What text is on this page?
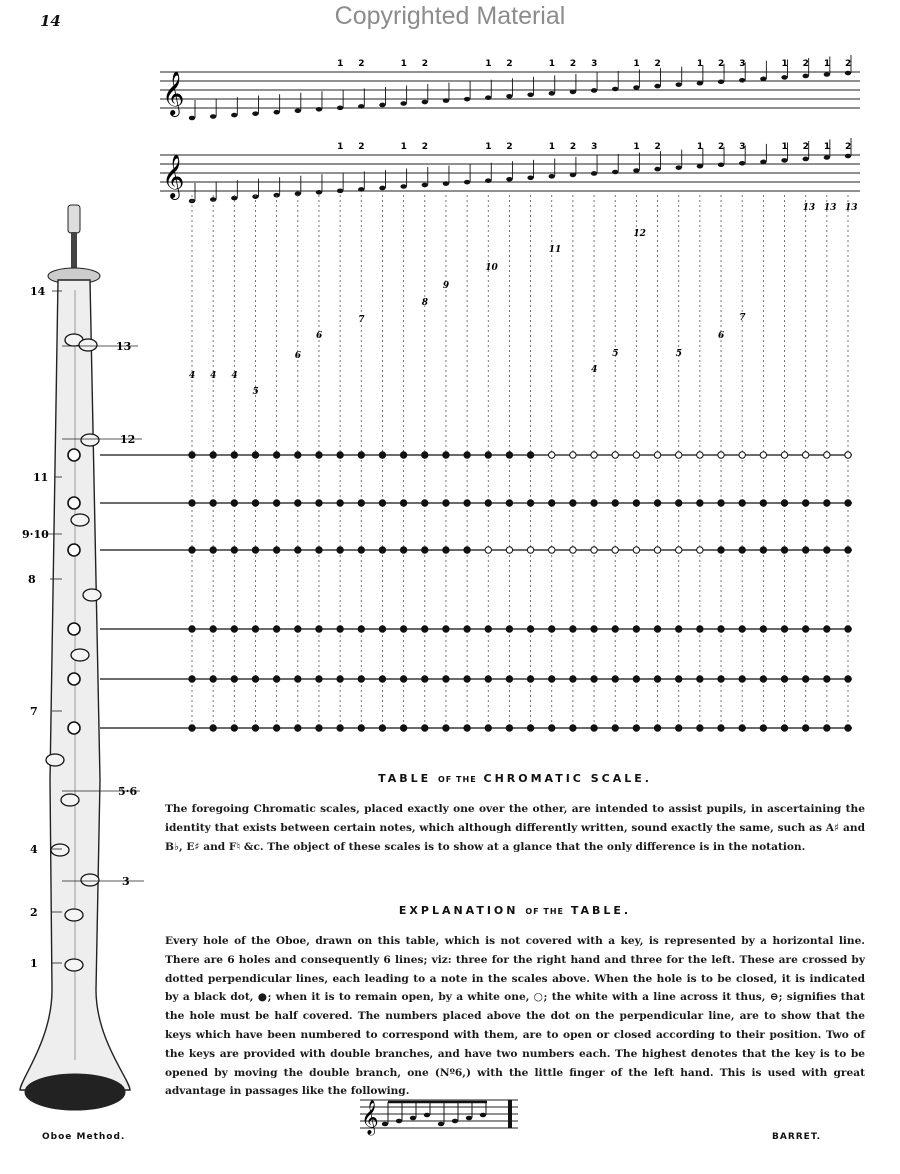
Copyrighted Material
14
𝄞
𝄞
1 2	1 2	1 2	1 2 3	1 2	1 2 3	1 2 1 2
1 2	1 2	1 2	1 2 3	1 2	1 2 3	1 2 1 2
4 4 4
5
6
6
7
8
9
10
11
4
5
12
5
6
7
13 13 13
14
13
12
11
9·10
8
7
5·6
4
3
2
1
𝄞
TABLE OF THE CHROMATIC SCALE.
The foregoing Chromatic scales, placed exactly one over the other, are intended to assist pupils, in ascertaining the identity that exists between certain notes, which although differently written, sound exactly the same, such as A♯ and B♭, E♯ and F♮ &c. The object of these scales is to show at a glance that the only difference is in the notation.
EXPLANATION OF THE TABLE.
Every hole of the Oboe, drawn on this table, which is not covered with a key, is represented by a horizontal line. There are 6 holes and consequently 6 lines; viz: three for the right hand and three for the left. These are crossed by dotted perpendicular lines, each leading to a note in the scales above. When the hole is to be closed, it is indicated by a black dot, ●; when it is to remain open, by a white one, ○; the white with a line across it thus, ⊖; signifies that the hole must be half covered. The numbers placed above the dot on the perpendicular line, are to show that the keys which have been numbered to correspond with them, are to open or closed according to their position. Two of the keys are provided with double branches, and have two numbers each. The highest denotes that the key is to be opened by moving the double branch, one (Nº6,) with the little finger of the left hand. This is used with great advantage in passages like the following.
Oboe Method.	BARRET.
